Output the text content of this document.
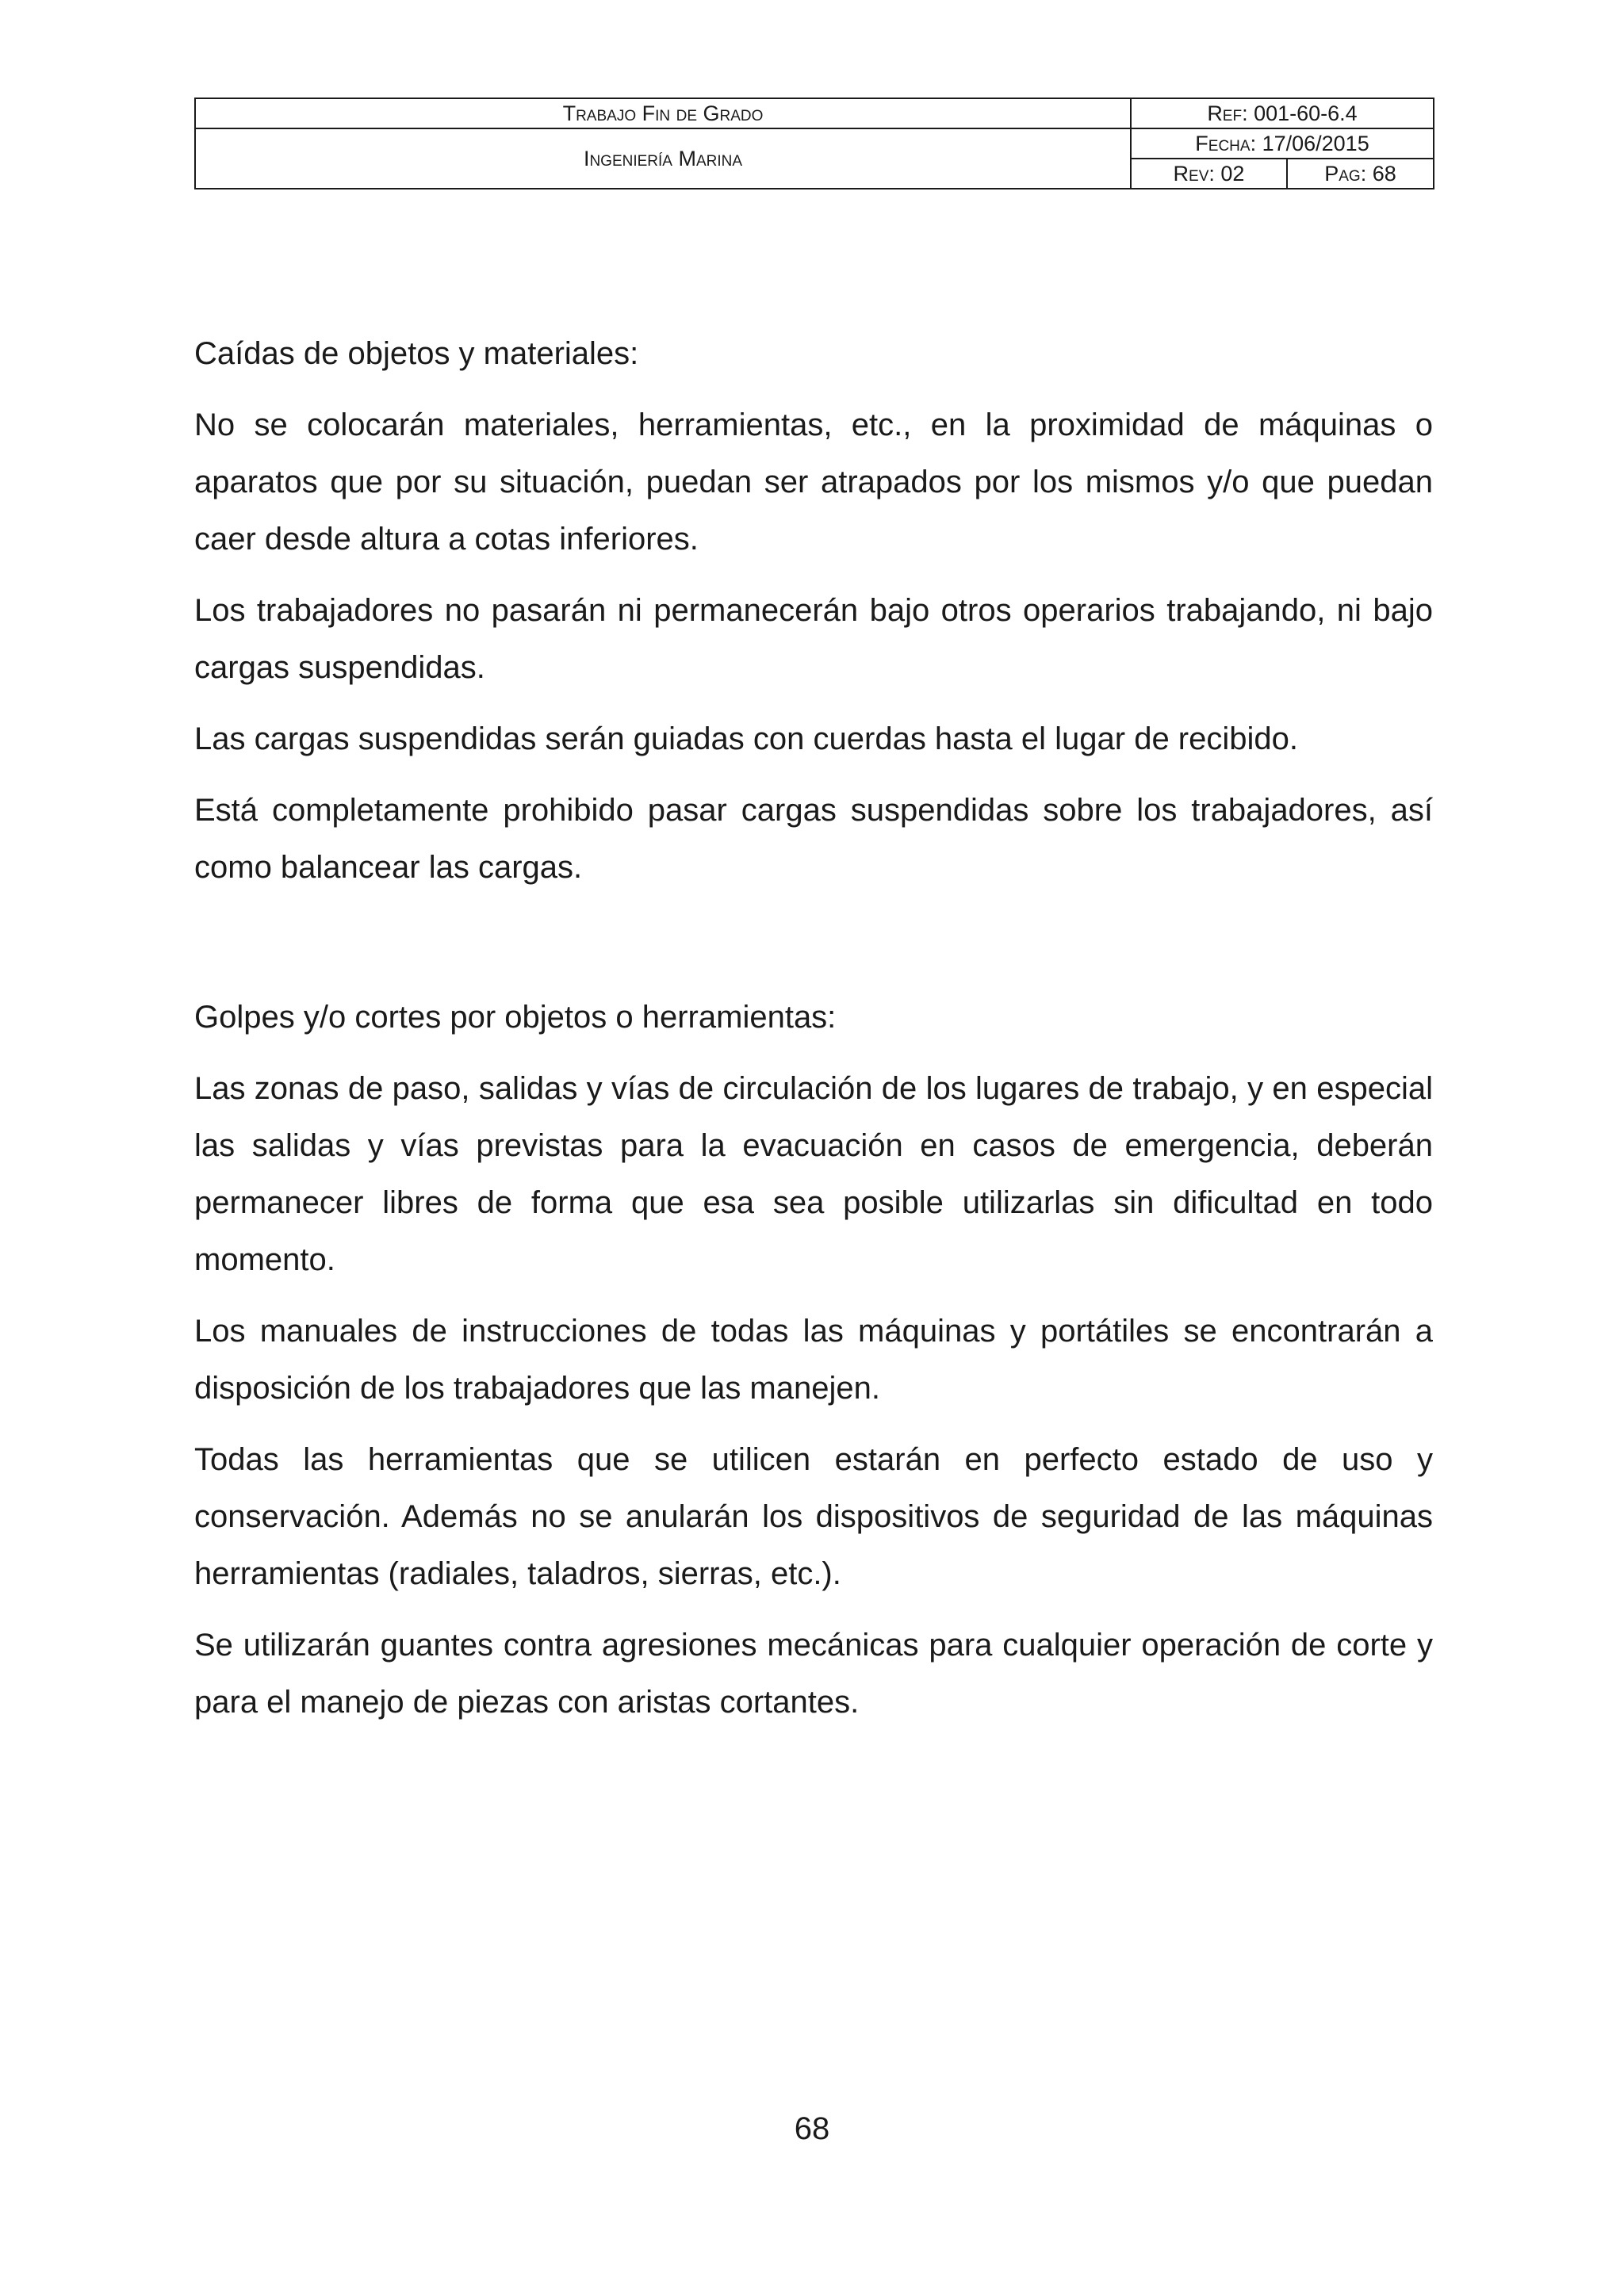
Trabajo Fin de Grado	Ref: 001-60-6.4	
Ingeniería Marina	Fecha: 17/06/2015	
	Rev: 02	Pag: 68

Caídas de objetos y materiales:

No se colocarán materiales, herramientas, etc., en la proximidad de máquinas o aparatos que por su situación, puedan ser atrapados por los mismos y/o que puedan caer desde altura a cotas inferiores.

Los trabajadores no pasarán ni permanecerán bajo otros operarios trabajando, ni bajo cargas suspendidas.

Las cargas suspendidas serán guiadas con cuerdas hasta el lugar de recibido.

Está completamente prohibido pasar cargas suspendidas sobre los trabajadores, así como balancear las cargas.

Golpes y/o cortes por objetos o herramientas:

Las zonas de paso, salidas y vías de circulación de los lugares de trabajo, y en especial las salidas y vías previstas para la evacuación en casos de emergencia, deberán permanecer libres de forma que esa sea posible utilizarlas sin dificultad en todo momento.

Los manuales de instrucciones de todas las máquinas y portátiles se encontrarán a disposición de los trabajadores que las manejen.

Todas las herramientas que se utilicen estarán en perfecto estado de uso y conservación. Además no se anularán los dispositivos de seguridad de las máquinas herramientas (radiales, taladros, sierras, etc.).

Se utilizarán guantes contra agresiones mecánicas para cualquier operación de corte y para el manejo de piezas con aristas cortantes.

68
